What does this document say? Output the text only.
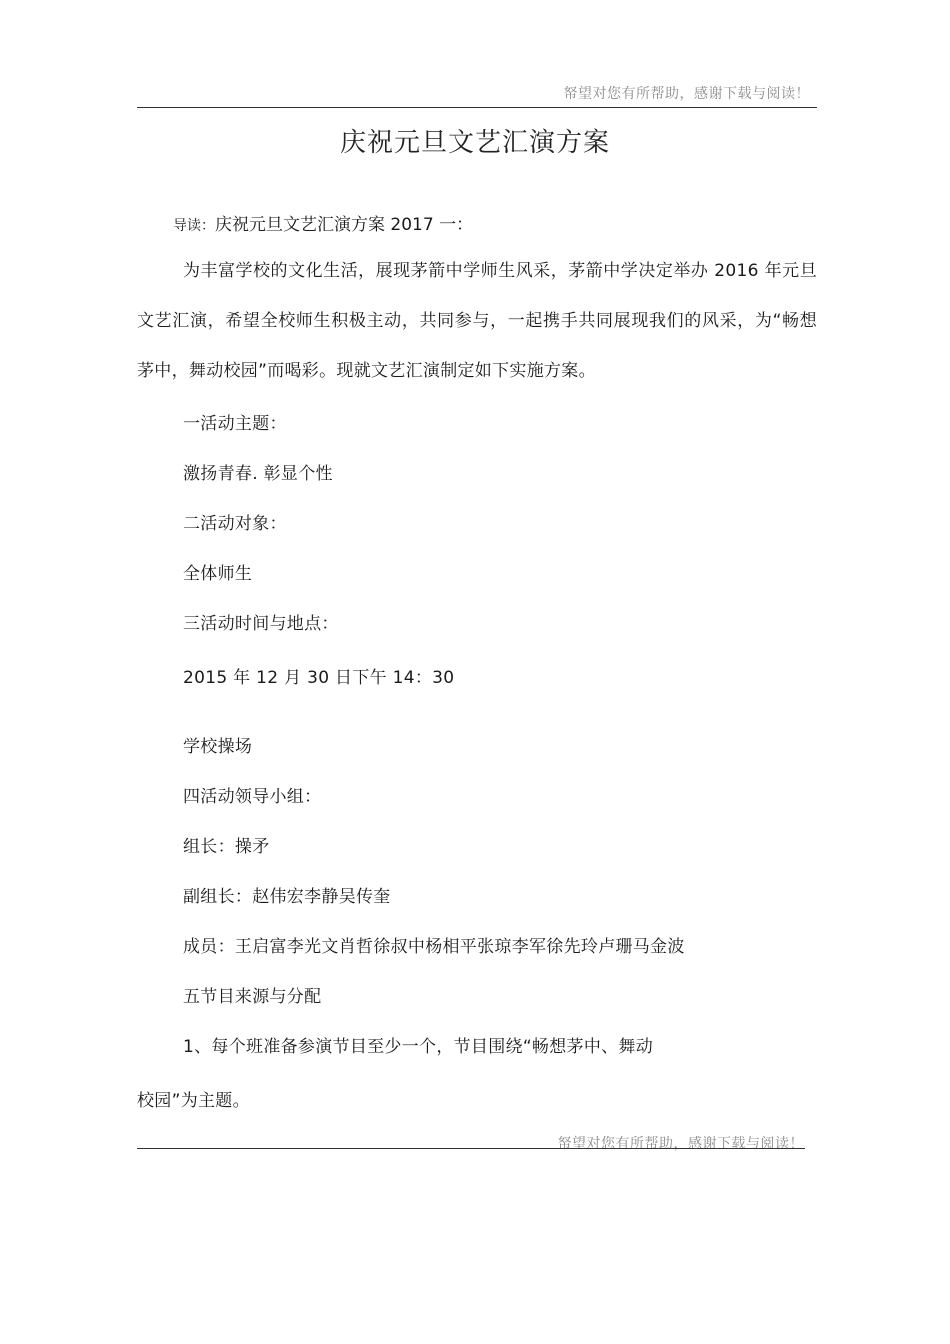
帑望对您有所帮助，感谢下载与阅读！
庆祝元旦文艺汇演方案
导读：庆祝元旦文艺汇演方案 2017 一：
为丰富学校的文化生活，展现茅箭中学师生风采，茅箭中学决定举办 2016 年元旦文艺汇演，希望全校师生积极主动，共同参与，一起携手共同展现我们的风采，为“畅想茅中，舞动校园”而喝彩。现就文艺汇演制定如下实施方案。
一活动主题：
激扬青春. 彰显个性
二活动对象：
全体师生
三活动时间与地点：
2015 年 12 月 30 日下午 14：30
学校操场
四活动领导小组：
组长：操矛
副组长：赵伟宏李静吴传奎
成员：王启富李光文肖哲徐叔中杨相平张琼李军徐先玲卢珊马金波
五节目来源与分配
1、每个班准备参演节目至少一个，节目围绕“畅想茅中、舞动
校园”为主题。
帑望对您有所帮助，感谢下载与阅读！
